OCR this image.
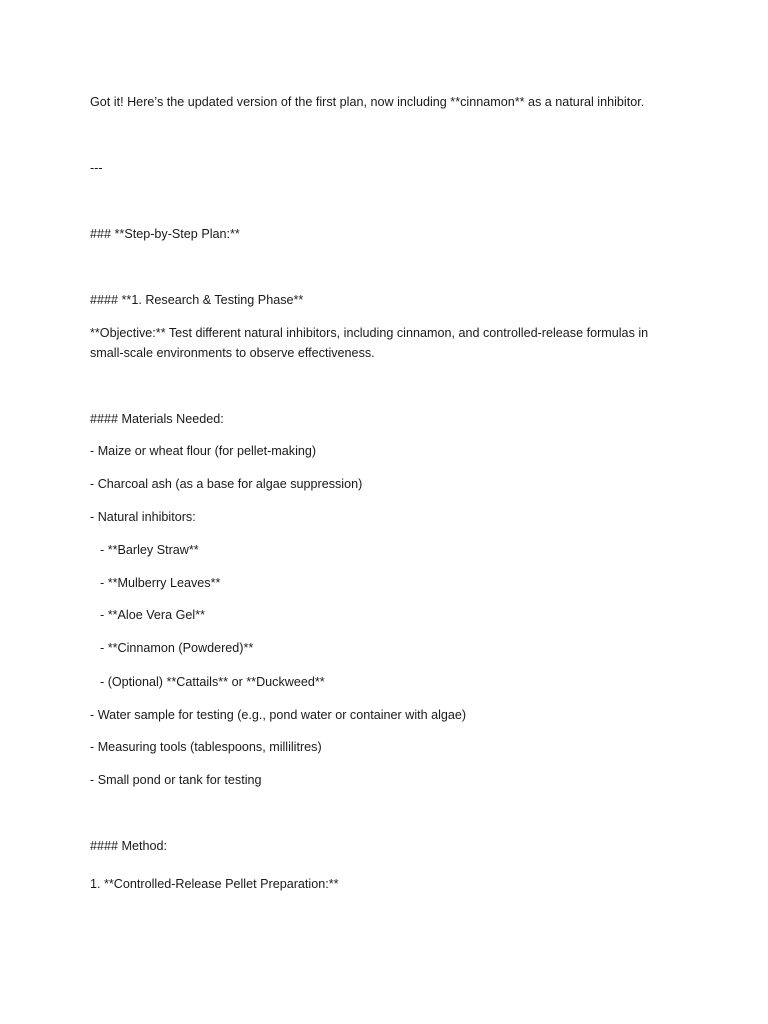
Got it! Here’s the updated version of the first plan, now including **cinnamon** as a natural inhibitor.
---
### **Step-by-Step Plan:**
#### **1. Research & Testing Phase**
**Objective:** Test different natural inhibitors, including cinnamon, and controlled-release formulas in
small-scale environments to observe effectiveness.
#### Materials Needed:
- Maize or wheat flour (for pellet-making)
- Charcoal ash (as a base for algae suppression)
- Natural inhibitors:
- **Barley Straw**
- **Mulberry Leaves**
- **Aloe Vera Gel**
- **Cinnamon (Powdered)**
- (Optional) **Cattails** or **Duckweed**
- Water sample for testing (e.g., pond water or container with algae)
- Measuring tools (tablespoons, millilitres)
- Small pond or tank for testing
#### Method:
1. **Controlled-Release Pellet Preparation:**
